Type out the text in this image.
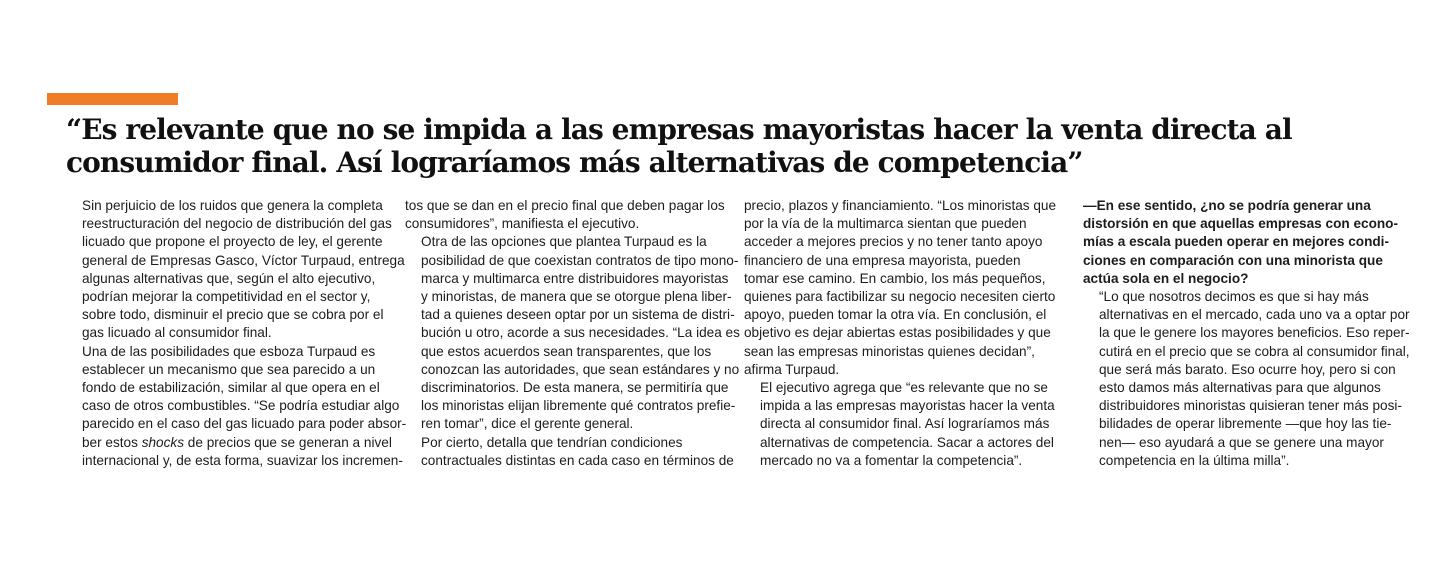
“Es relevante que no se impida a las empresas mayoristas hacer la venta directa al
consumidor final. Así lograríamos más alternativas de competencia”

Sin perjuicio de los ruidos que genera la completa
reestructuración del negocio de distribución del gas
licuado que propone el proyecto de ley, el gerente
general de Empresas Gasco, Víctor Turpaud, entrega
algunas alternativas que, según el alto ejecutivo,
podrían mejorar la competitividad en el sector y,
sobre todo, disminuir el precio que se cobra por el
gas licuado al consumidor final.

Una de las posibilidades que esboza Turpaud es
establecer un mecanismo que sea parecido a un
fondo de estabilización, similar al que opera en el
caso de otros combustibles. “Se podría estudiar algo
parecido en el caso del gas licuado para poder absor-
ber estos shocks de precios que se generan a nivel
internacional y, de esta forma, suavizar los incremen-

tos que se dan en el precio final que deben pagar los
consumidores”, manifiesta el ejecutivo.

Otra de las opciones que plantea Turpaud es la
posibilidad de que coexistan contratos de tipo mono-
marca y multimarca entre distribuidores mayoristas
y minoristas, de manera que se otorgue plena liber-
tad a quienes deseen optar por un sistema de distri-
bución u otro, acorde a sus necesidades. “La idea es
que estos acuerdos sean transparentes, que los
conozcan las autoridades, que sean estándares y no
discriminatorios. De esta manera, se permitiría que
los minoristas elijan libremente qué contratos prefie-
ren tomar”, dice el gerente general.

Por cierto, detalla que tendrían condiciones
contractuales distintas en cada caso en términos de

precio, plazos y financiamiento. “Los minoristas que
por la vía de la multimarca sientan que pueden
acceder a mejores precios y no tener tanto apoyo
financiero de una empresa mayorista, pueden
tomar ese camino. En cambio, los más pequeños,
quienes para factibilizar su negocio necesiten cierto
apoyo, pueden tomar la otra vía. En conclusión, el
objetivo es dejar abiertas estas posibilidades y que
sean las empresas minoristas quienes decidan”,
afirma Turpaud.

El ejecutivo agrega que “es relevante que no se
impida a las empresas mayoristas hacer la venta
directa al consumidor final. Así lograríamos más
alternativas de competencia. Sacar a actores del
mercado no va a fomentar la competencia”.

—En ese sentido, ¿no se podría generar una
distorsión en que aquellas empresas con econo-
mías a escala pueden operar en mejores condi-
ciones en comparación con una minorista que
actúa sola en el negocio?

“Lo que nosotros decimos es que si hay más
alternativas en el mercado, cada uno va a optar por
la que le genere los mayores beneficios. Eso reper-
cutirá en el precio que se cobra al consumidor final,
que será más barato. Eso ocurre hoy, pero si con
esto damos más alternativas para que algunos
distribuidores minoristas quisieran tener más posi-
bilidades de operar libremente —que hoy las tie-
nen— eso ayudará a que se genere una mayor
competencia en la última milla”.
